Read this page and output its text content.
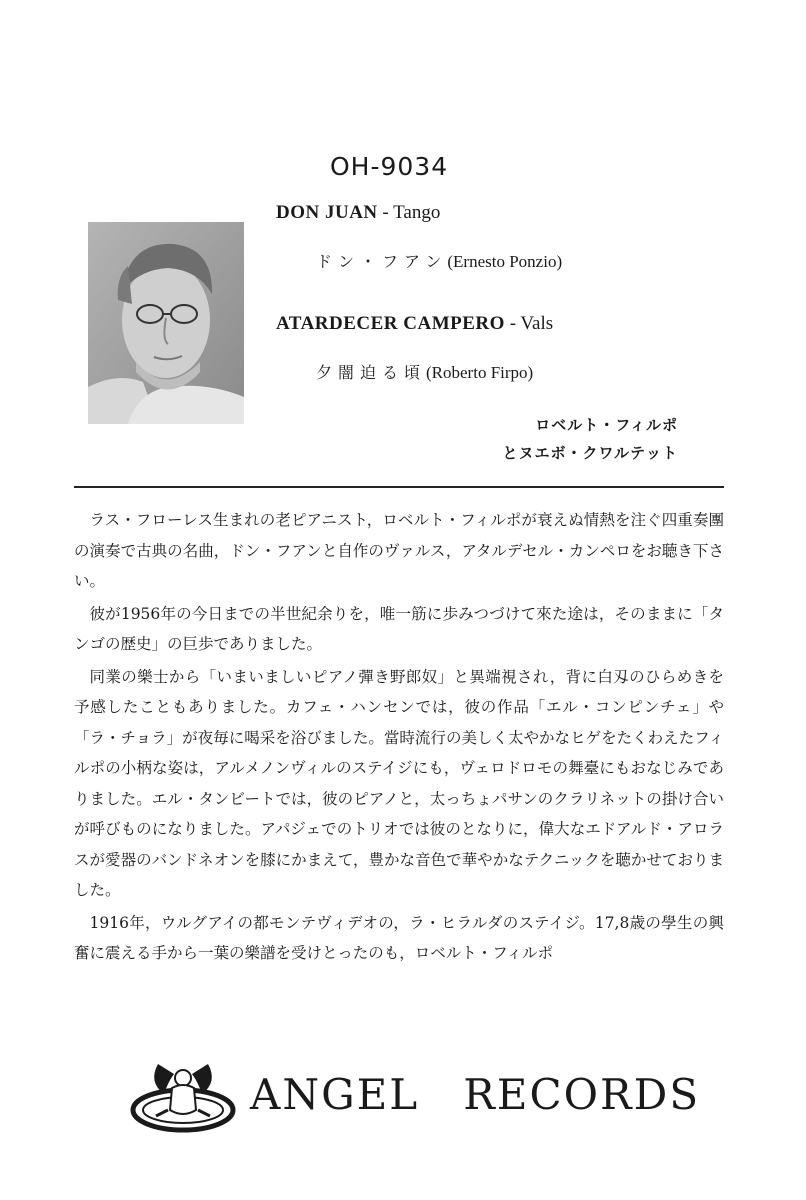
OH-9034
DON JUAN - Tango
ドン・フアン(Ernesto Ponzio)
ATARDECER CAMPERO - Vals
夕闇迫る頃(Roberto Firpo)
ロベルト・フィルポ
とヌエボ・クワルテット

ラス・フローレス生まれの老ピアニスト，ロベルト・フィルポが衰えぬ情熱を注ぐ四重奏團の演奏で古典の名曲，ドン・フアンと自作のヴァルス，アタルデセル・カンペロをお聴き下さい。

彼が1956年の今日までの半世紀余りを，唯一筋に歩みつづけて來た途は，そのままに「タンゴの歴史」の巨歩でありました。

同業の樂士から「いまいましいピアノ彈き野郎奴」と異端視され，背に白刄のひらめきを予感したこともありました。カフェ・ハンセンでは，彼の作品「エル・コンピンチェ」や「ラ・チョラ」が夜毎に喝采を浴びました。當時流行の美しく太やかなヒゲをたくわえたフィルポの小柄な姿は，アルメノンヴィルのステイジにも，ヴェロドロモの舞臺にもおなじみでありました。エル・タンビートでは，彼のピアノと，太っちょパサンのクラリネットの掛け合いが呼びものになりました。アパジェでのトリオでは彼のとなりに，偉大なエドアルド・アロラスが愛器のバンドネオンを膝にかまえて，豊かな音色で華やかなテクニックを聴かせておりました。

1916年，ウルグアイの都モンテヴィデオの，ラ・ヒラルダのステイジ。17,8歳の學生の興奮に震える手から一葉の樂譜を受けとったのも，ロベルト・フィルポ

ANGEL RECORDS
